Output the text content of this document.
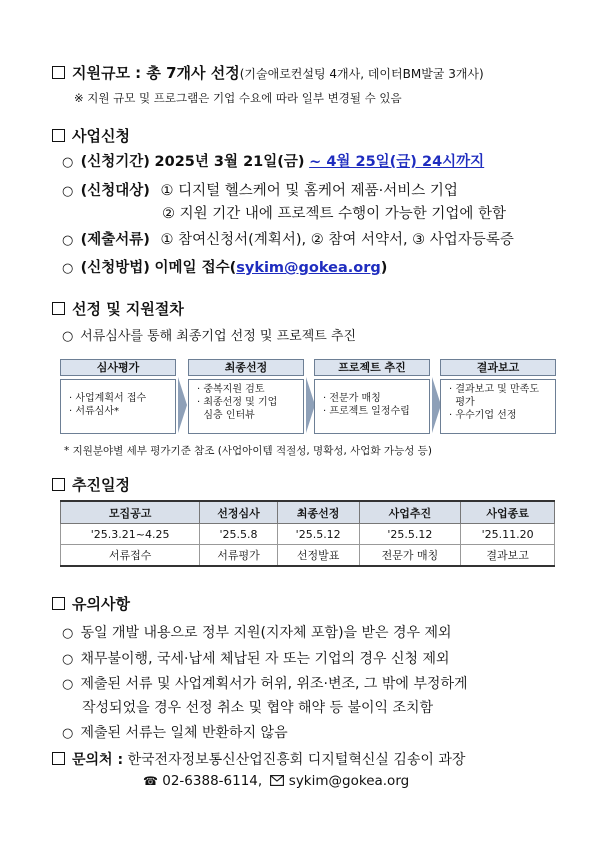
지원규모 : 총 7개사 선정(기술애로컨설팅 4개사, 데이터BM발굴 3개사)
※ 지원 규모 및 프로그램은 기업 수요에 따라 일부 변경될 수 있음
사업신청
○ (신청기간) 2025년 3월 21일(금) ~ 4월 25일(금) 24시까지
○ (신청대상) ① 디지털 헬스케어 및 홈케어 제품·서비스 기업
② 지원 기간 내에 프로젝트 수행이 가능한 기업에 한함
○ (제출서류) ① 참여신청서(계획서), ② 참여 서약서, ③ 사업자등록증
○ (신청방법) 이메일 접수(sykim@gokea.org)
선정 및 지원절차
○ 서류심사를 통해 최종기업 선정 및 프로젝트 추진
심사평가
· 사업계획서 접수
· 서류심사*
최종선정
· 중복지원 검토
· 최종선정 및 기업
심층 인터뷰
프로젝트 추진
· 전문가 매칭
· 프로젝트 일정수립
결과보고
· 결과보고 및 만족도
평가
· 우수기업 선정
* 지원분야별 세부 평가기준 참조 (사업아이템 적절성, 명확성, 사업화 가능성 등)
추진일정
모집공고	선정심사	최종선정	사업추진	사업종료
'25.3.21~4.25	'25.5.8	'25.5.12	'25.5.12	'25.11.20
서류접수	서류평가	선정발표	전문가 매칭	결과보고
유의사항
○ 동일 개발 내용으로 정부 지원(지자체 포함)을 받은 경우 제외
○ 채무불이행, 국세·납세 체납된 자 또는 기업의 경우 신청 제외
○ 제출된 서류 및 사업계획서가 허위, 위조·변조, 그 밖에 부정하게
작성되었을 경우 선정 취소 및 협약 해약 등 불이익 조치함
○ 제출된 서류는 일체 반환하지 않음
문의처 : 한국전자정보통신산업진흥회 디지털혁신실 김송이 과장
☎ 02-6388-6114, sykim@gokea.org
